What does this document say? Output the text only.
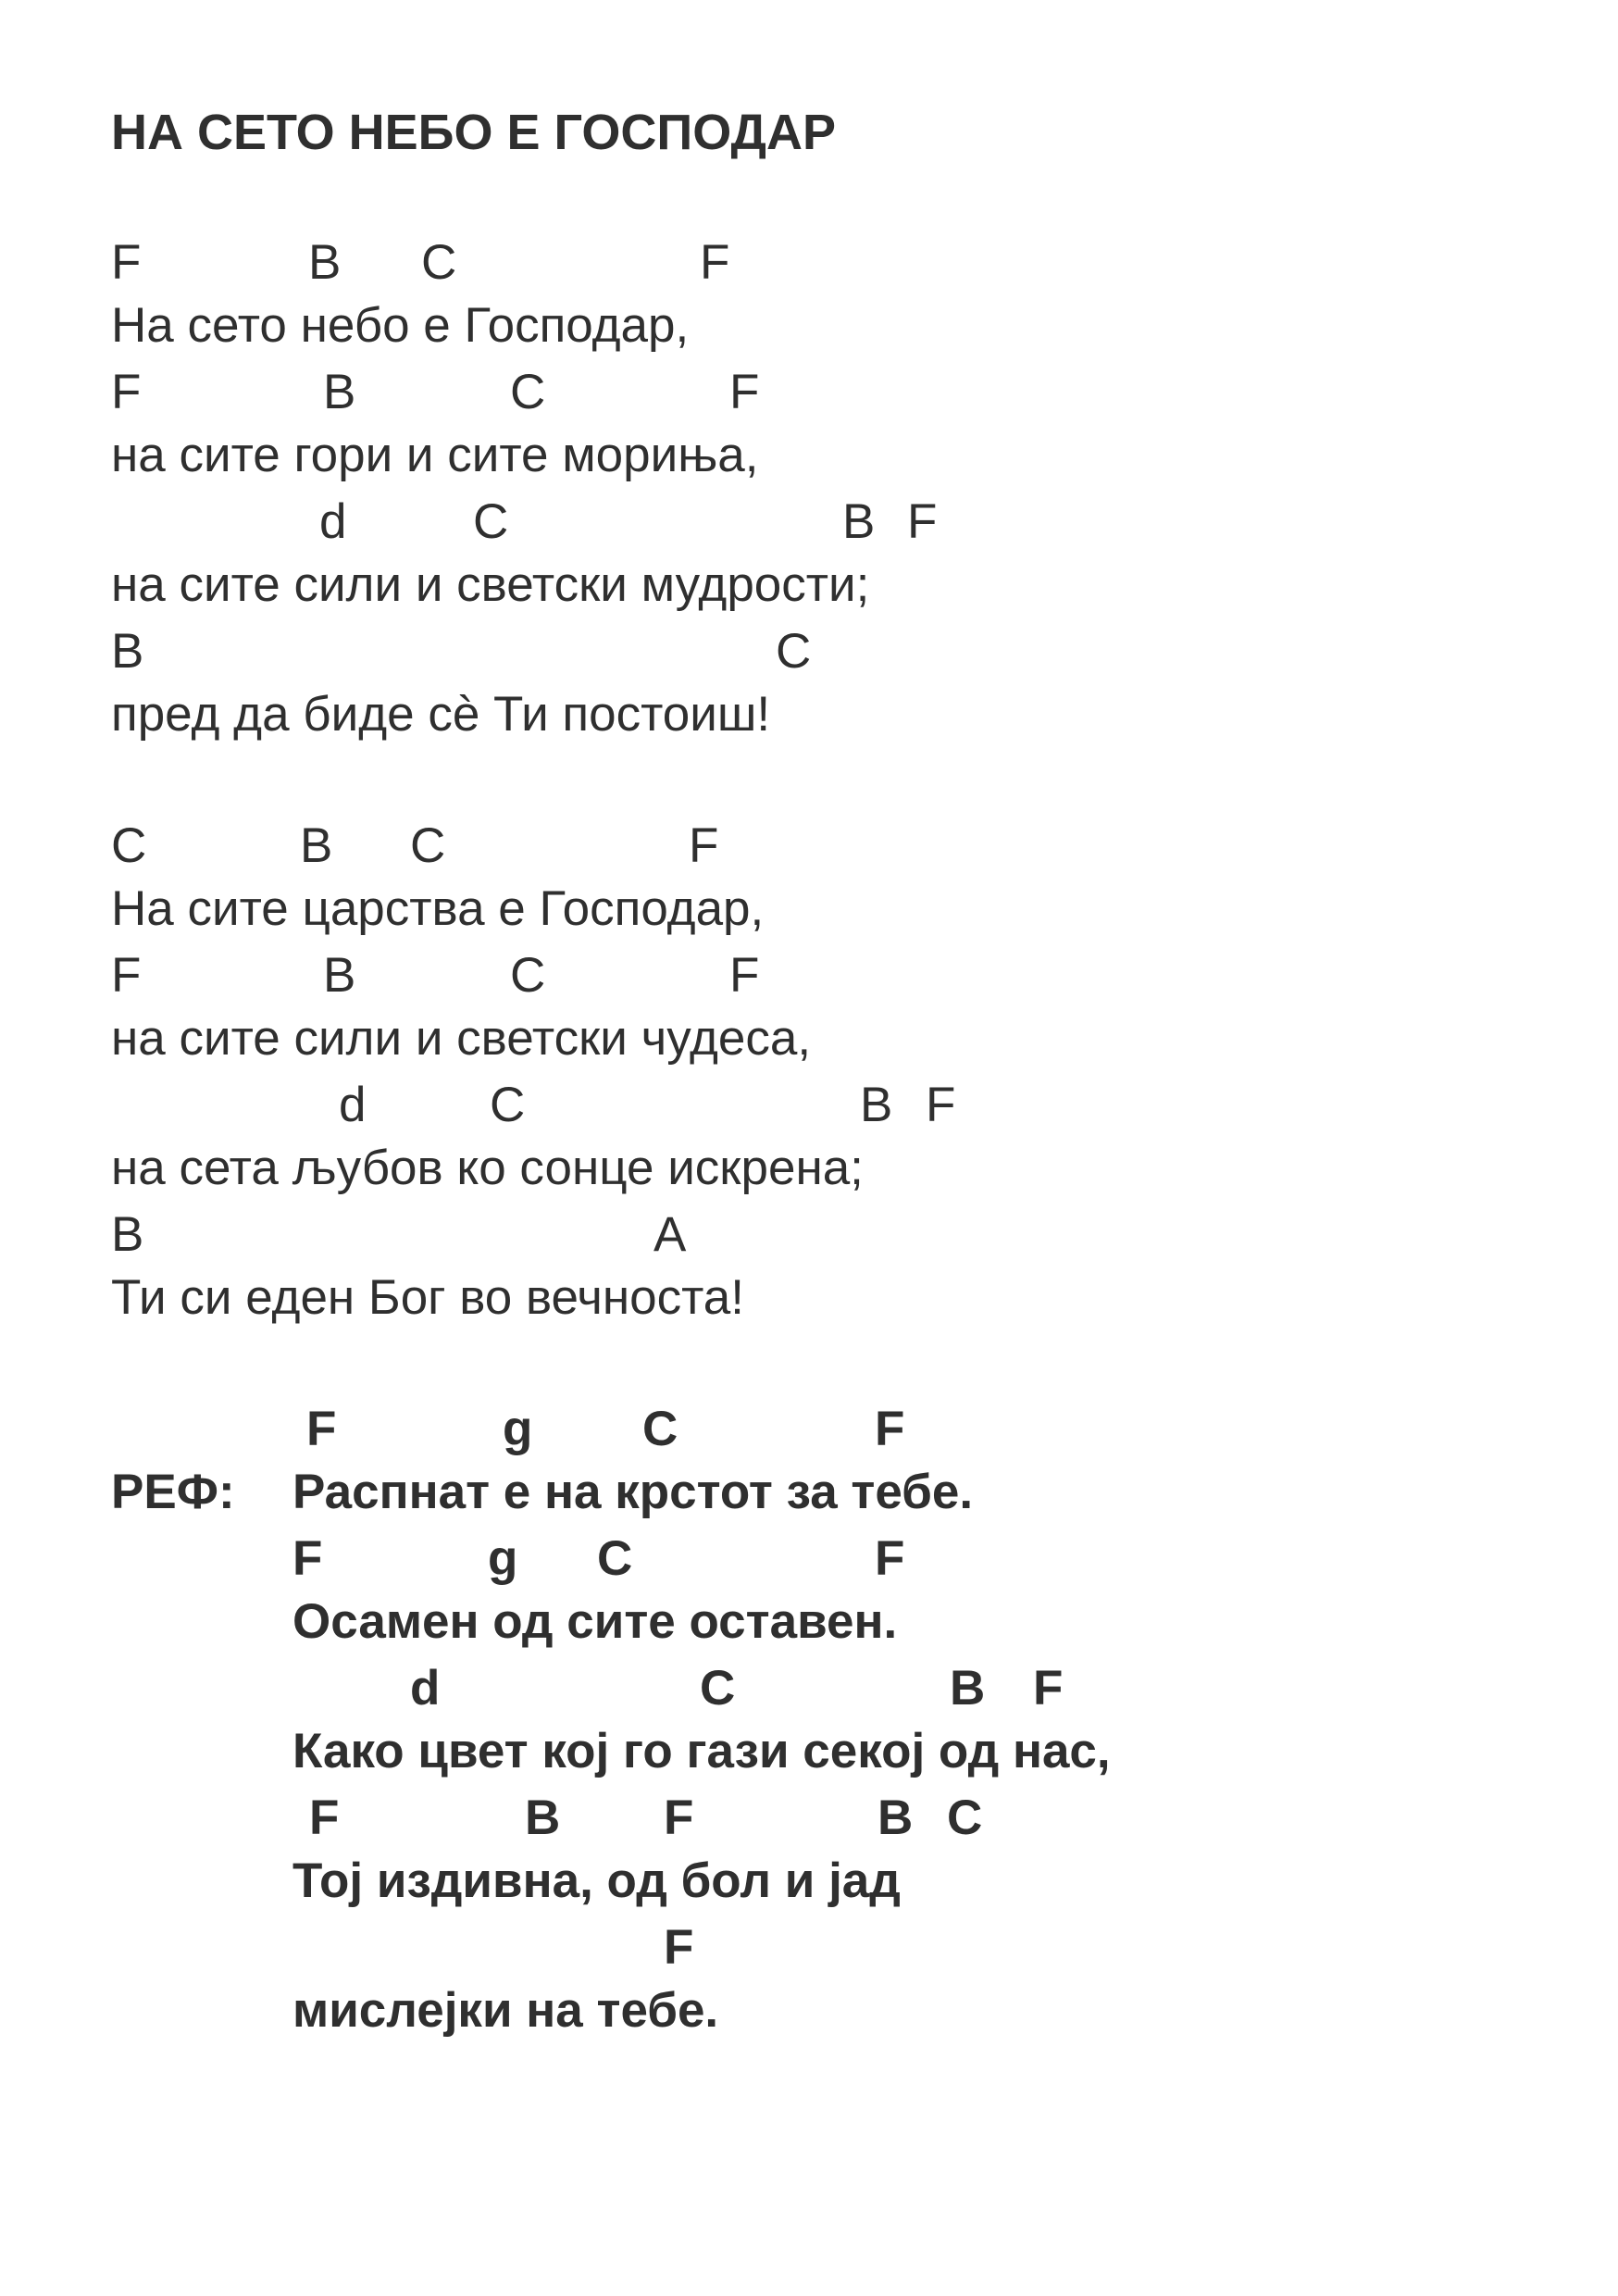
НА СЕТО НЕБО Е ГОСПОДАР
F	B C	F
На сето небо е Господар,
F	B	C	F
на сите гори и сите морињa,
d	C	B F
на сите сили и светски мудрости;
B	C
пред да биде сѐ Ти постоиш!
C	B C	F
На сите царства е Господар,
F	B	C	F
на сите сили и светски чудеса,
d	C	B F
на сета љубов ко сонце искрена;
B	A
Ти си еден Бог во вечноста!
F	g C	F
РЕФ: Распнат е на крстот за тебе.
F	g C	F
Осамен од сите оставен.
d	C	B F
Како цвет кој го гази секој од нас,
F	B F	B C
Тој издивна, од бол и јад
F
мислејки на тебе.
